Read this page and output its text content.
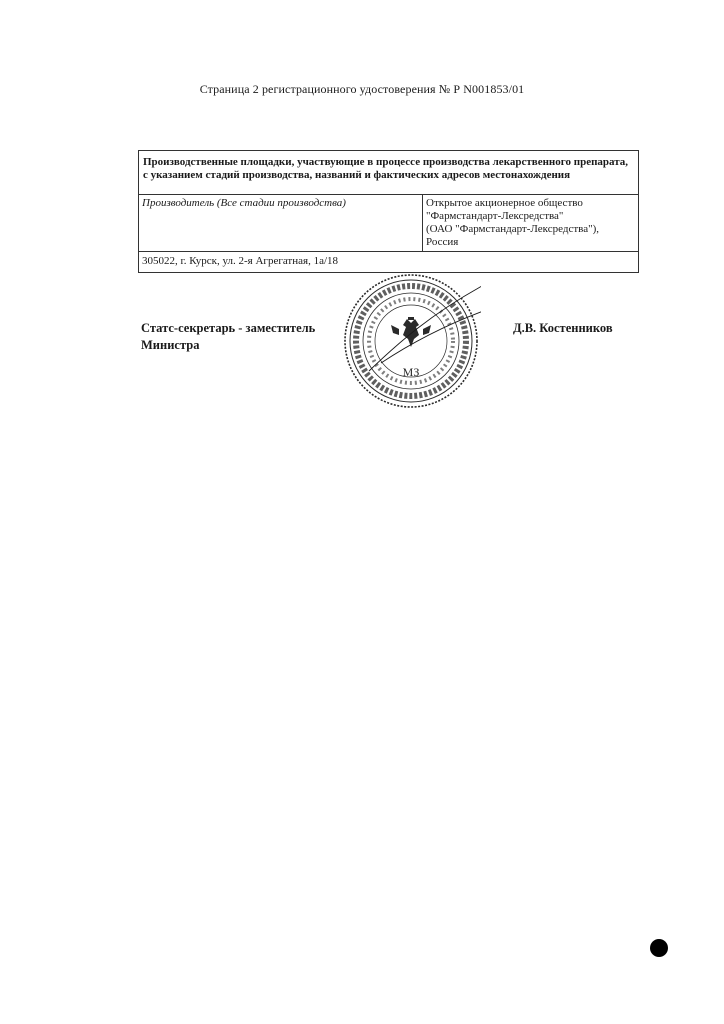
Страница 2 регистрационного удостоверения № Р N001853/01
Производственные площадки, участвующие в процессе производства лекарственного препарата, с указанием стадий производства, названий и фактических адресов местонахождения
Производитель (Все стадии производства)	Открытое акционерное общество
"Фармстандарт-Лексредства"
(ОАО "Фармстандарт-Лексредства"),
Россия
305022, г. Курск, ул. 2-я Агрегатная, 1а/18
Статс-секретарь - заместитель
Министра
Д.В. Костенников
МЗ
